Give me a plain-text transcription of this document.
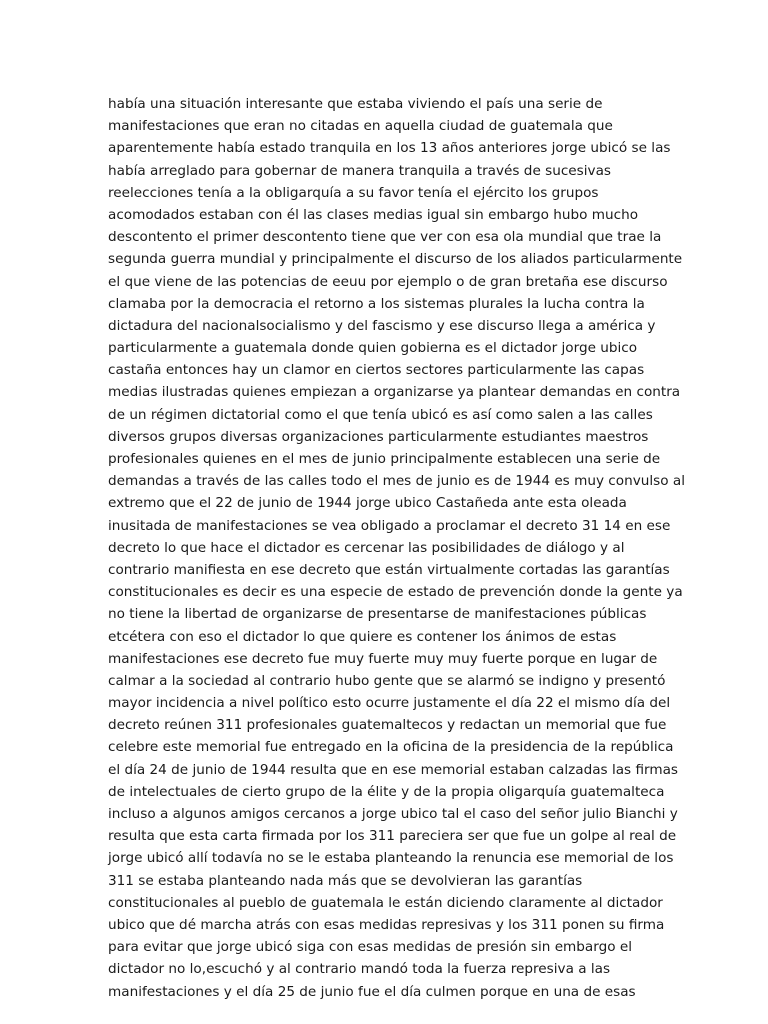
había una situación interesante que estaba viviendo el país una serie de
manifestaciones que eran no citadas en aquella ciudad de guatemala que
aparentemente había estado tranquila en los 13 años anteriores jorge ubicó se las
había arreglado para gobernar de manera tranquila a través de sucesivas
reelecciones tenía a la obligarquía a su favor tenía el ejército los grupos
acomodados estaban con él las clases medias igual sin embargo hubo mucho
descontento el primer descontento tiene que ver con esa ola mundial que trae la
segunda guerra mundial y principalmente el discurso de los aliados particularmente
el que viene de las potencias de eeuu por ejemplo o de gran bretaña ese discurso
clamaba por la democracia el retorno a los sistemas plurales la lucha contra la
dictadura del nacionalsocialismo y del fascismo y ese discurso llega a américa y
particularmente a guatemala donde quien gobierna es el dictador jorge ubico
castaña entonces hay un clamor en ciertos sectores particularmente las capas
medias ilustradas quienes empiezan a organizarse ya plantear demandas en contra
de un régimen dictatorial como el que tenía ubicó es así como salen a las calles
diversos grupos diversas organizaciones particularmente estudiantes maestros
profesionales quienes en el mes de junio principalmente establecen una serie de
demandas a través de las calles todo el mes de junio es de 1944 es muy convulso al
extremo que el 22 de junio de 1944 jorge ubico Castañeda ante esta oleada
inusitada de manifestaciones se vea obligado a proclamar el decreto 31 14 en ese
decreto lo que hace el dictador es cercenar las posibilidades de diálogo y al
contrario manifiesta en ese decreto que están virtualmente cortadas las garantías
constitucionales es decir es una especie de estado de prevención donde la gente ya
no tiene la libertad de organizarse de presentarse de manifestaciones públicas
etcétera con eso el dictador lo que quiere es contener los ánimos de estas
manifestaciones ese decreto fue muy fuerte muy muy fuerte porque en lugar de
calmar a la sociedad al contrario hubo gente que se alarmó se indigno y presentó
mayor incidencia a nivel político esto ocurre justamente el día 22 el mismo día del
decreto reúnen 311 profesionales guatemaltecos y redactan un memorial que fue
celebre este memorial fue entregado en la oficina de la presidencia de la república
el día 24 de junio de 1944 resulta que en ese memorial estaban calzadas las firmas
de intelectuales de cierto grupo de la élite y de la propia oligarquía guatemalteca
incluso a algunos amigos cercanos a jorge ubico tal el caso del señor julio Bianchi y
resulta que esta carta firmada por los 311 pareciera ser que fue un golpe al real de
jorge ubicó allí todavía no se le estaba planteando la renuncia ese memorial de los
311 se estaba planteando nada más que se devolvieran las garantías
constitucionales al pueblo de guatemala le están diciendo claramente al dictador
ubico que dé marcha atrás con esas medidas represivas y los 311 ponen su firma
para evitar que jorge ubicó siga con esas medidas de presión sin embargo el
dictador no lo,escuchó y al contrario mandó toda la fuerza represiva a las
manifestaciones y el día 25 de junio fue el día culmen porque en una de esas
